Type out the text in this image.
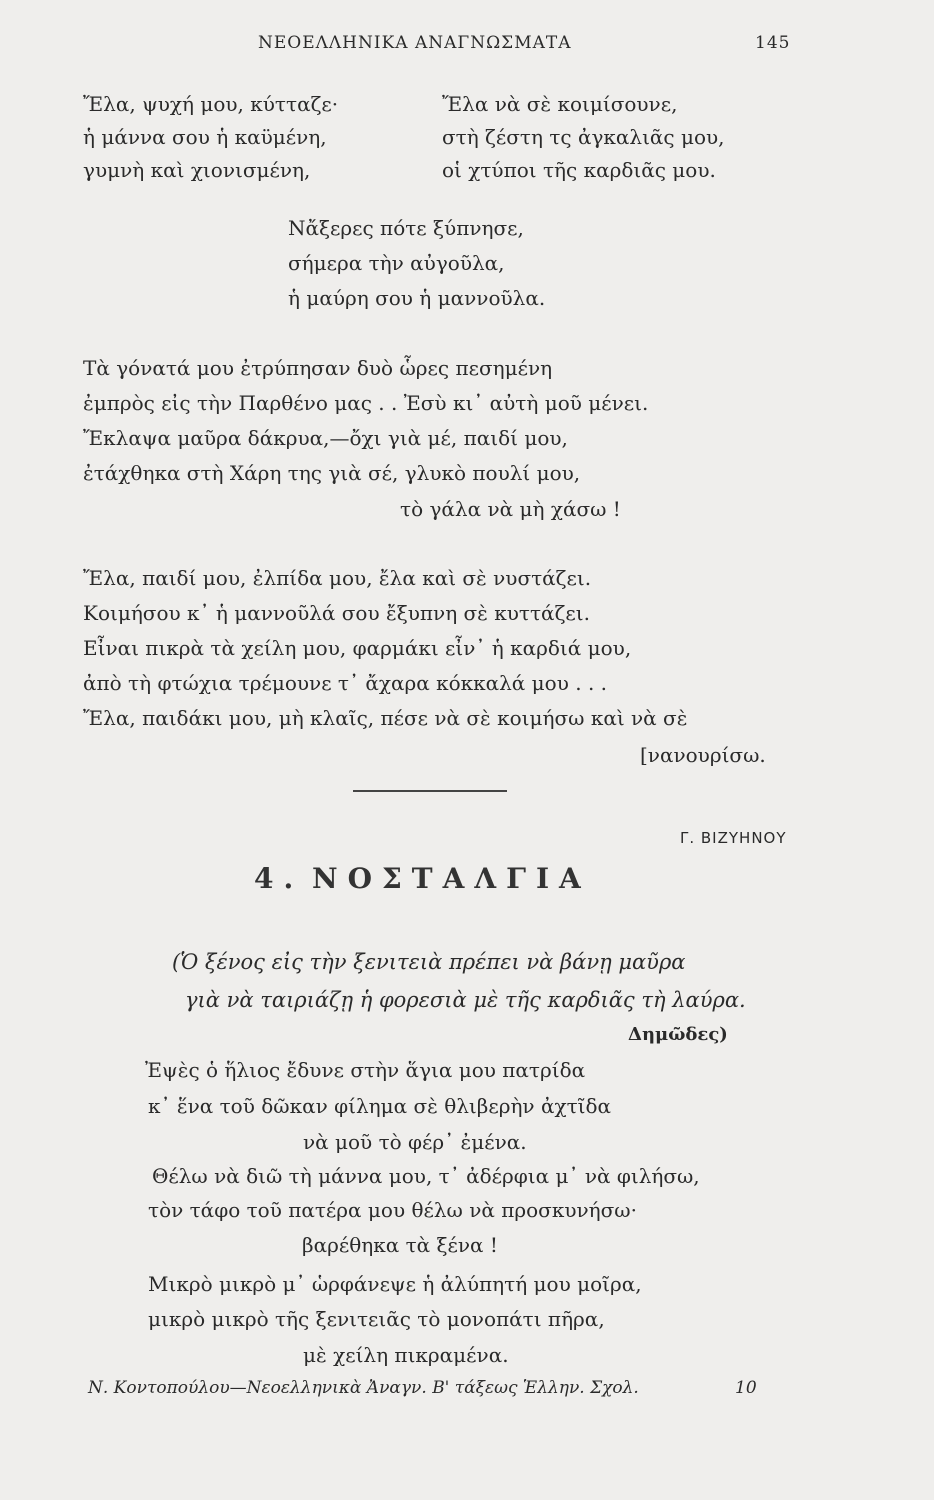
ΝΕΟΕΛΛΗΝΙΚΑ ΑΝΑΓΝΩΣΜΑΤΑ	145
Ἔλα, ψυχή μου, κύτταζε·
ἡ μάννα σου ἡ καϋμένη,
γυμνὴ καὶ χιονισμένη,
Ἔλα νὰ σὲ κοιμίσουνε,
στὴ ζέστη τς ἀγκαλιᾶς μου,
οἱ χτύποι τῆς καρδιᾶς μου.
Νἄξερες πότε ξύπνησε,
σήμερα τὴν αὐγοῦλα,
ἡ μαύρη σου ἡ μαννοῦλα.
Τὰ γόνατά μου ἐτρύπησαν δυὸ ὧρες πεσημένη
ἐμπρὸς εἰς τὴν Παρθένο μας . . Ἐσὺ κι᾽ αὐτὴ μοῦ μένει.
Ἔκλαψα μαῦρα δάκρυα,—ὄχι γιὰ μέ, παιδί μου,
ἐτάχθηκα στὴ Χάρη της γιὰ σέ, γλυκὸ πουλί μου,
τὸ γάλα νὰ μὴ χάσω !
Ἔλα, παιδί μου, ἐλπίδα μου, ἔλα καὶ σὲ νυστάζει.
Κοιμήσου κ᾽ ἡ μαννοῦλά σου ἔξυπνη σὲ κυττάζει.
Εἶναι πικρὰ τὰ χείλη μου, φαρμάκι εἶν᾽ ἡ καρδιά μου,
ἀπὸ τὴ φτώχια τρέμουνε τ᾽ ἄχαρα κόκκαλά μου . . .
Ἔλα, παιδάκι μου, μὴ κλαῖς, πέσε νὰ σὲ κοιμήσω καὶ νὰ σὲ
[νανουρίσω.
Γ. ΒΙΖΥΗΝΟΥ
4. ΝΟΣΤΑΛΓΙΑ
(Ὁ ξένος εἰς τὴν ξενιτειὰ πρέπει νὰ βάνῃ μαῦρα
γιὰ νὰ ταιριάζῃ ἡ φορεσιὰ μὲ τῆς καρδιᾶς τὴ λαύρα.
Δημῶδες)
Ἐψὲς ὁ ἥλιος ἔδυνε στὴν ἅγια μου πατρίδα
κ᾽ ἕνα τοῦ δῶκαν φίλημα σὲ θλιβερὴν ἀχτῖδα
νὰ μοῦ τὸ φέρ᾽ ἐμένα.
Θέλω νὰ διῶ τὴ μάννα μου, τ᾽ ἀδέρφια μ᾽ νὰ φιλήσω,
τὸν τάφο τοῦ πατέρα μου θέλω νὰ προσκυνήσω·
βαρέθηκα τὰ ξένα !
Μικρὸ μικρὸ μ᾽ ὡρφάνεψε ἡ ἀλύπητή μου μοῖρα,
μικρὸ μικρὸ τῆς ξενιτειᾶς τὸ μονοπάτι πῆρα,
μὲ χείλη πικραμένα.
Ν. Κοντοπούλου—Νεοελληνικὰ Ἀναγν. Β' τάξεως Ἑλλην. Σχολ.	10
